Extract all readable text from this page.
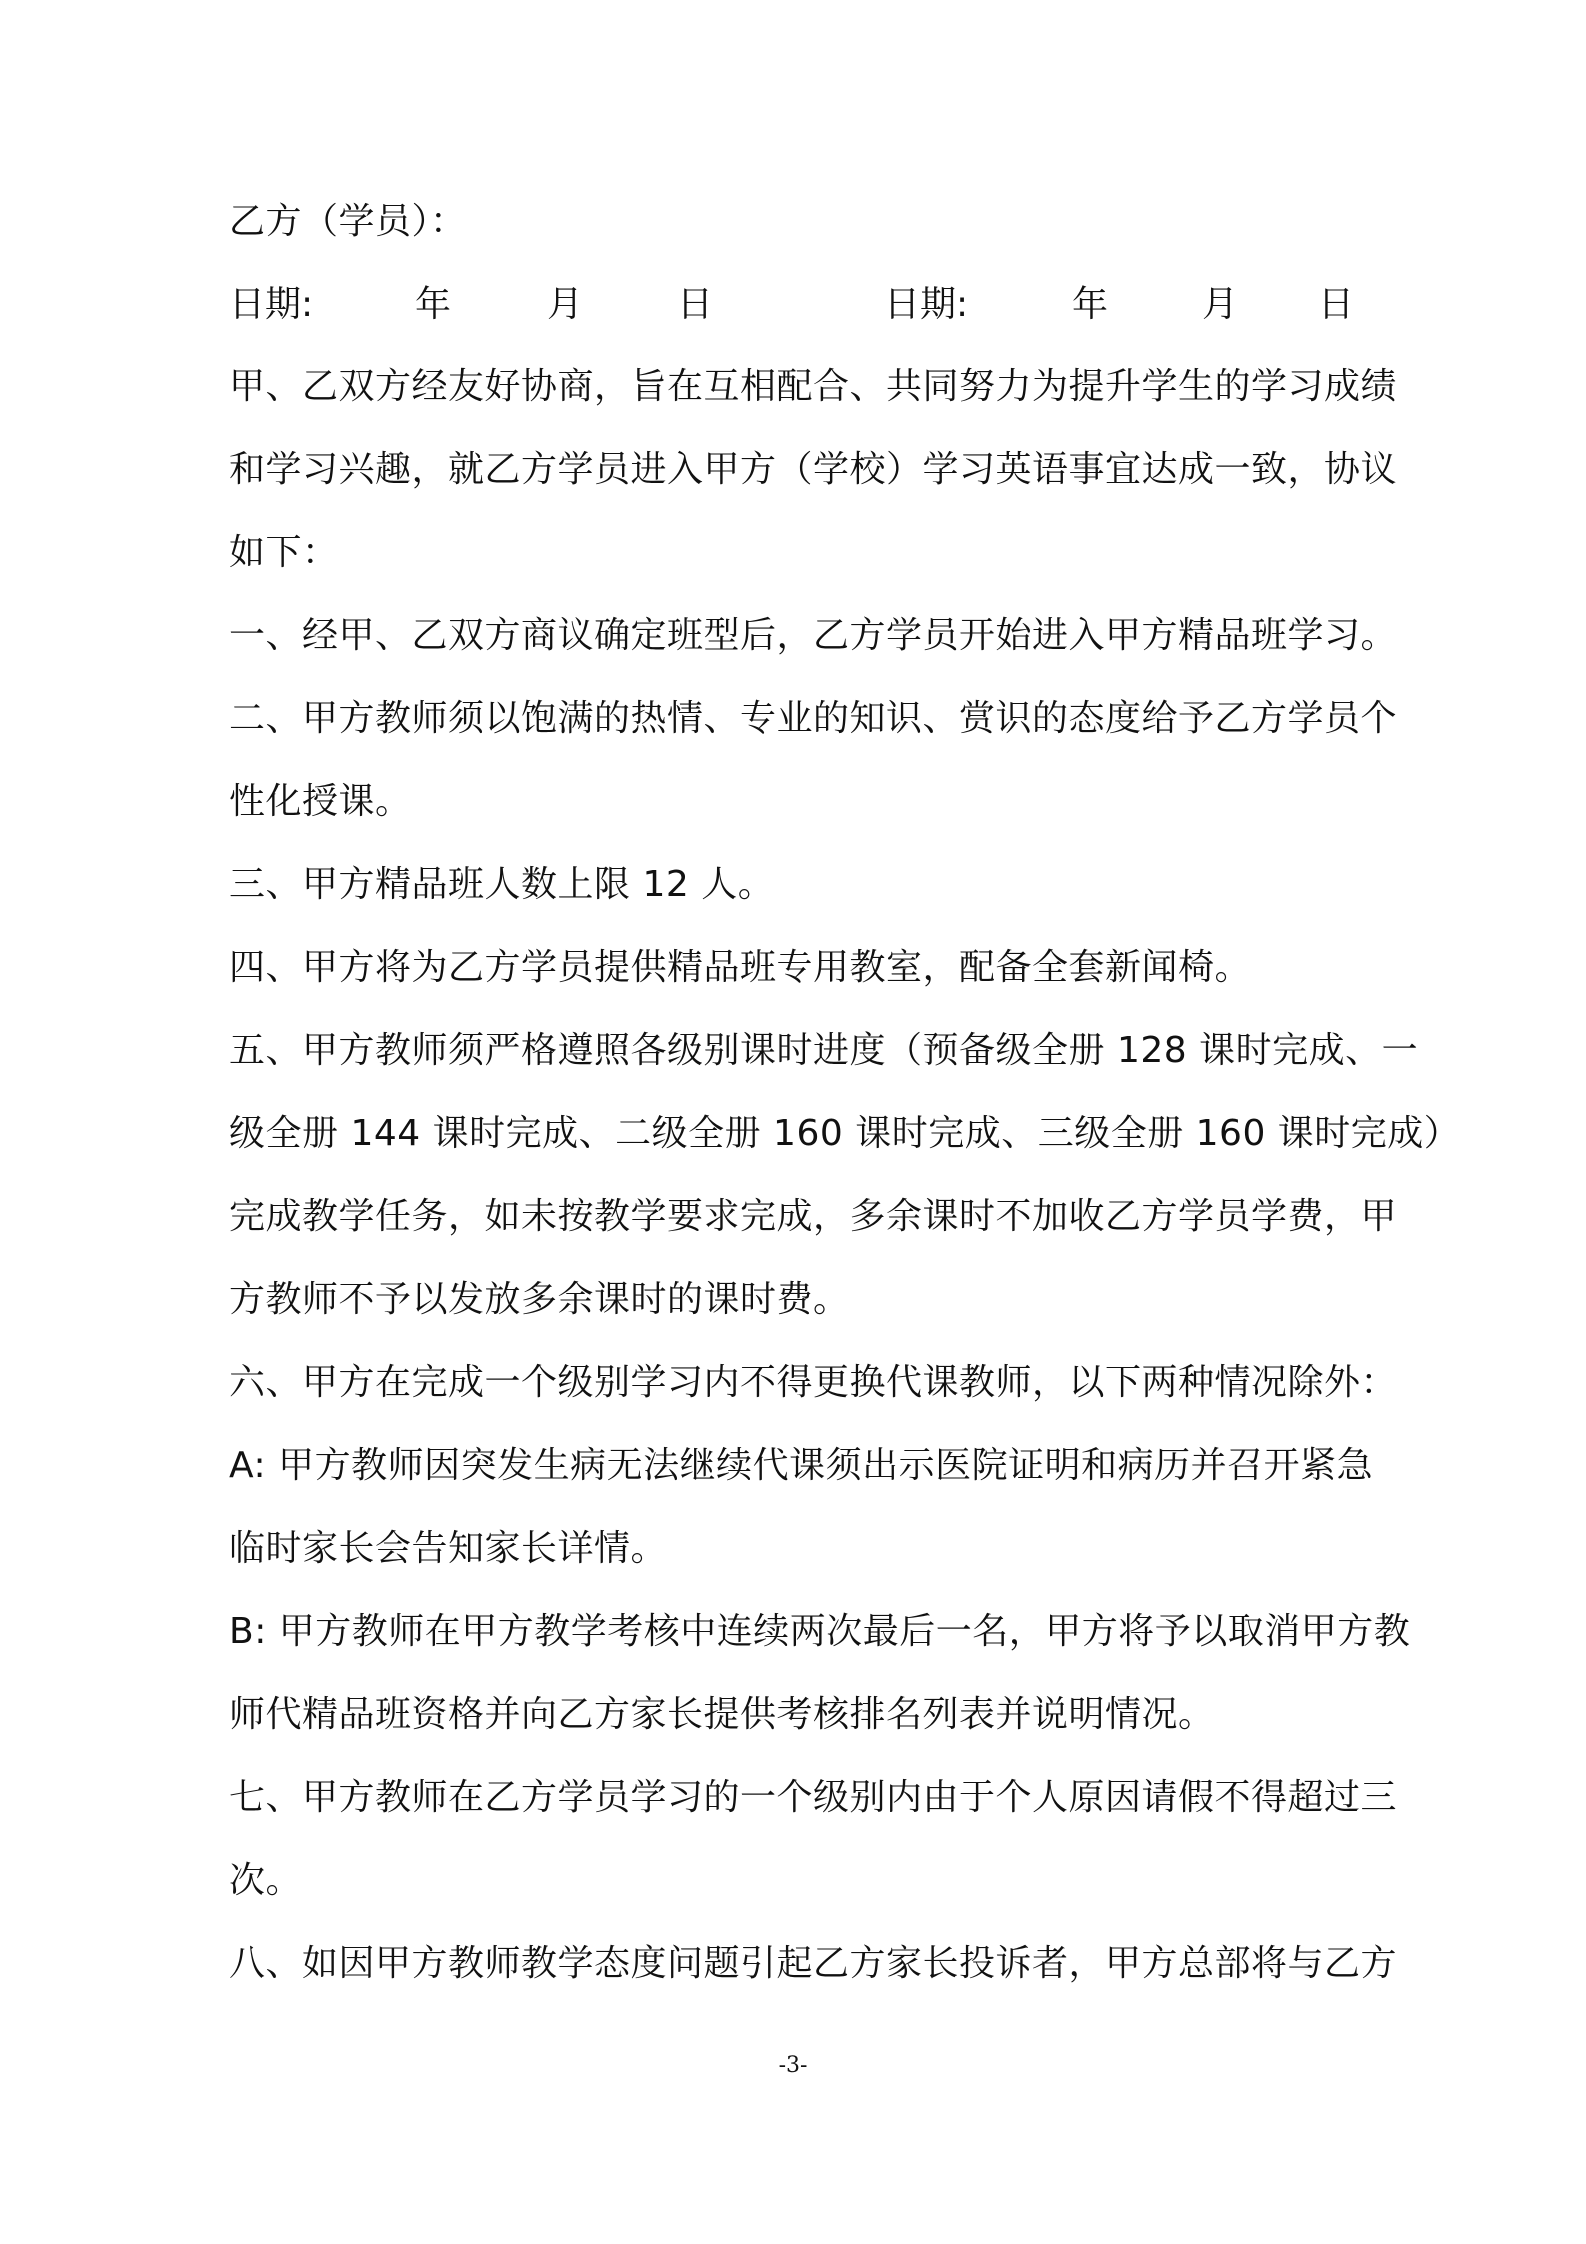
乙方（学员）：
日期:	年	月	日	日期:	年	月 日
甲、乙双方经友好协商，旨在互相配合、共同努力为提升学生的学习成绩
和学习兴趣，就乙方学员进入甲方（学校）学习英语事宜达成一致，协议
如下：
一、经甲、乙双方商议确定班型后，乙方学员开始进入甲方精品班学习。
二、甲方教师须以饱满的热情、专业的知识、赏识的态度给予乙方学员个
性化授课。
三、甲方精品班人数上限 12 人。
四、甲方将为乙方学员提供精品班专用教室，配备全套新闻椅。
五、甲方教师须严格遵照各级别课时进度（预备级全册 128 课时完成、一
级全册 144 课时完成、二级全册 160 课时完成、三级全册 160 课时完成）
完成教学任务，如未按教学要求完成，多余课时不加收乙方学员学费，甲
方教师不予以发放多余课时的课时费。
六、甲方在完成一个级别学习内不得更换代课教师，以下两种情况除外：
A: 甲方教师因突发生病无法继续代课须出示医院证明和病历并召开紧急
临时家长会告知家长详情。
B: 甲方教师在甲方教学考核中连续两次最后一名，甲方将予以取消甲方教
师代精品班资格并向乙方家长提供考核排名列表并说明情况。
七、甲方教师在乙方学员学习的一个级别内由于个人原因请假不得超过三
次。
八、如因甲方教师教学态度问题引起乙方家长投诉者，甲方总部将与乙方
-3-
